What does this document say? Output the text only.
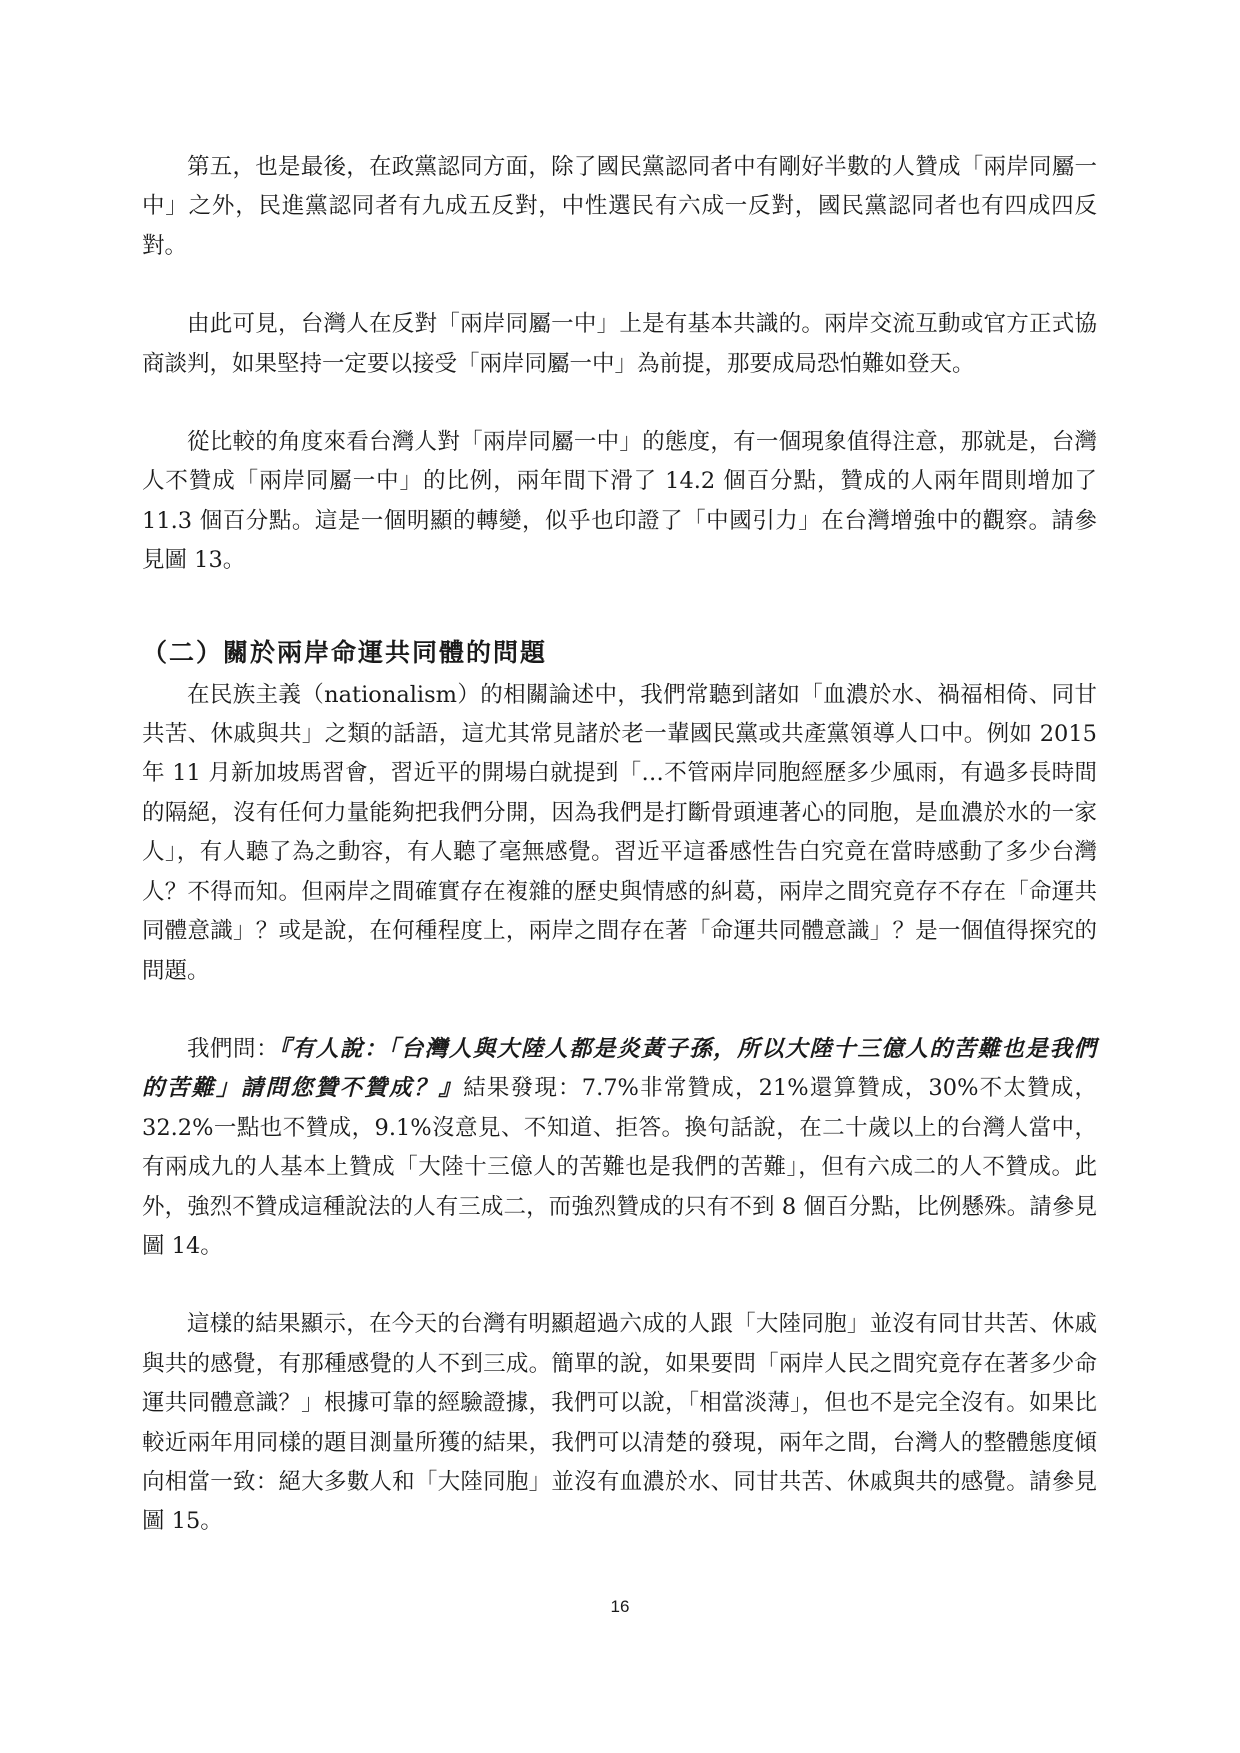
第五，也是最後，在政黨認同方面，除了國民黨認同者中有剛好半數的人贊成「兩岸同屬一中」之外，民進黨認同者有九成五反對，中性選民有六成一反對，國民黨認同者也有四成四反對。

由此可見，台灣人在反對「兩岸同屬一中」上是有基本共識的。兩岸交流互動或官方正式協商談判，如果堅持一定要以接受「兩岸同屬一中」為前提，那要成局恐怕難如登天。

從比較的角度來看台灣人對「兩岸同屬一中」的態度，有一個現象值得注意，那就是，台灣人不贊成「兩岸同屬一中」的比例，兩年間下滑了 14.2 個百分點，贊成的人兩年間則增加了 11.3 個百分點。這是一個明顯的轉變，似乎也印證了「中國引力」在台灣增強中的觀察。請參見圖 13。

（二）關於兩岸命運共同體的問題

在民族主義（nationalism）的相關論述中，我們常聽到諸如「血濃於水、禍福相倚、同甘共苦、休戚與共」之類的話語，這尤其常見諸於老一輩國民黨或共產黨領導人口中。例如 2015 年 11 月新加坡馬習會，習近平的開場白就提到「…不管兩岸同胞經歷多少風雨，有過多長時間的隔絕，沒有任何力量能夠把我們分開，因為我們是打斷骨頭連著心的同胞，是血濃於水的一家人」，有人聽了為之動容，有人聽了毫無感覺。習近平這番感性告白究竟在當時感動了多少台灣人？不得而知。但兩岸之間確實存在複雜的歷史與情感的糾葛，兩岸之間究竟存不存在「命運共同體意識」？或是說，在何種程度上，兩岸之間存在著「命運共同體意識」？是一個值得探究的問題。

我們問：『有人說：「台灣人與大陸人都是炎黃子孫，所以大陸十三億人的苦難也是我們的苦難」請問您贊不贊成？』結果發現：7.7%非常贊成，21%還算贊成，30%不太贊成，32.2%一點也不贊成，9.1%沒意見、不知道、拒答。換句話說，在二十歲以上的台灣人當中，有兩成九的人基本上贊成「大陸十三億人的苦難也是我們的苦難」，但有六成二的人不贊成。此外，強烈不贊成這種說法的人有三成二，而強烈贊成的只有不到 8 個百分點，比例懸殊。請參見圖 14。

這樣的結果顯示，在今天的台灣有明顯超過六成的人跟「大陸同胞」並沒有同甘共苦、休戚與共的感覺，有那種感覺的人不到三成。簡單的說，如果要問「兩岸人民之間究竟存在著多少命運共同體意識？」根據可靠的經驗證據，我們可以說，「相當淡薄」，但也不是完全沒有。如果比較近兩年用同樣的題目測量所獲的結果，我們可以清楚的發現，兩年之間，台灣人的整體態度傾向相當一致：絕大多數人和「大陸同胞」並沒有血濃於水、同甘共苦、休戚與共的感覺。請參見圖 15。

16
